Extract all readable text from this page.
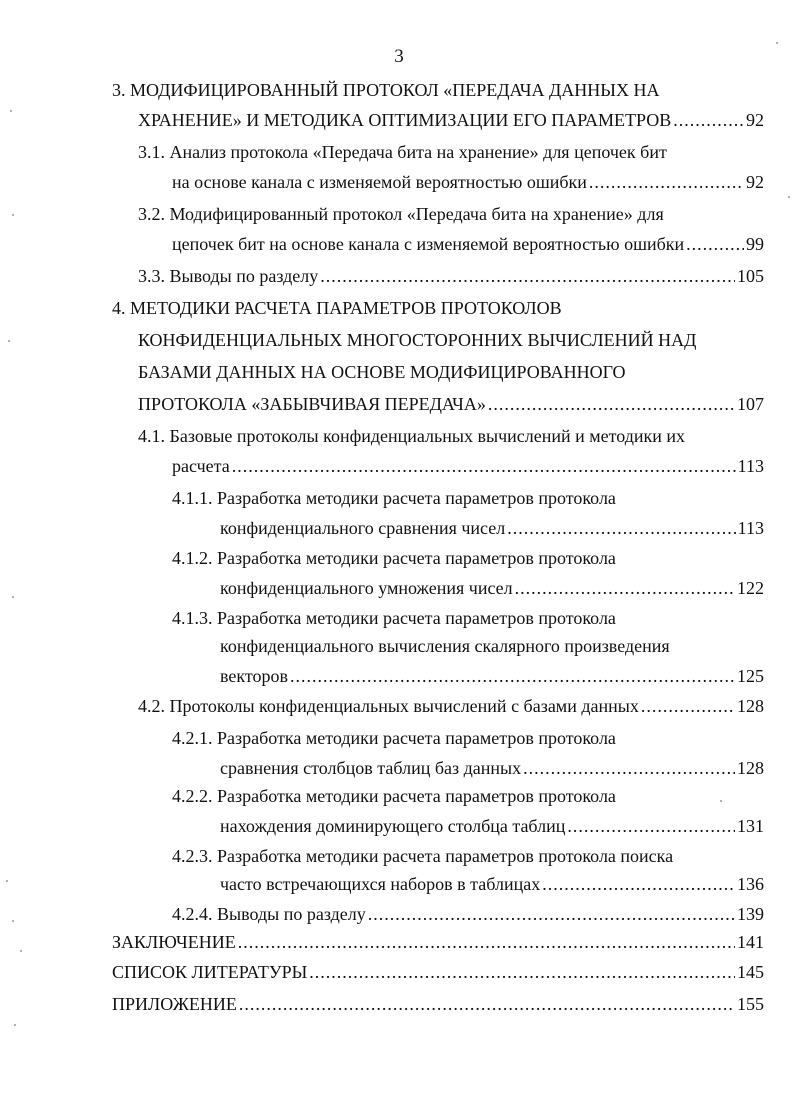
3
3. МОДИФИЦИРОВАННЫЙ ПРОТОКОЛ «ПЕРЕДАЧА ДАННЫХ НА
ХРАНЕНИЕ» И МЕТОДИКА ОПТИМИЗАЦИИ ЕГО ПАРАМЕТРОВ .....	92
3.1. Анализ протокола «Передача бита на хранение» для цепочек бит
на основе канала с изменяемой вероятностью ошибки .....	92
3.2. Модифицированный протокол «Передача бита на хранение» для
цепочек бит на основе канала с изменяемой вероятностью ошибки .....	99
3.3. Выводы по разделу .....	105
4. МЕТОДИКИ РАСЧЕТА ПАРАМЕТРОВ ПРОТОКОЛОВ
КОНФИДЕНЦИАЛЬНЫХ МНОГОСТОРОННИХ ВЫЧИСЛЕНИЙ НАД
БАЗАМИ ДАННЫХ НА ОСНОВЕ МОДИФИЦИРОВАННОГО
ПРОТОКОЛА «ЗАБЫВЧИВАЯ ПЕРЕДАЧА» .....	107
4.1. Базовые протоколы конфиденциальных вычислений и методики их
расчета .....	113
4.1.1. Разработка методики расчета параметров протокола
конфиденциального сравнения чисел .....	113
4.1.2. Разработка методики расчета параметров протокола
конфиденциального умножения чисел .....	122
4.1.3. Разработка методики расчета параметров протокола
конфиденциального вычисления скалярного произведения
векторов .....	125
4.2. Протоколы конфиденциальных вычислений с базами данных .....	128
4.2.1. Разработка методики расчета параметров протокола
сравнения столбцов таблиц баз данных .....	128
4.2.2. Разработка методики расчета параметров протокола
нахождения доминирующего столбца таблиц .....	131
4.2.3. Разработка методики расчета параметров протокола поиска
часто встречающихся наборов в таблицах .....	136
4.2.4. Выводы по разделу .....	139
ЗАКЛЮЧЕНИЕ .....	141
СПИСОК ЛИТЕРАТУРЫ .....	145
ПРИЛОЖЕНИЕ .....	155
